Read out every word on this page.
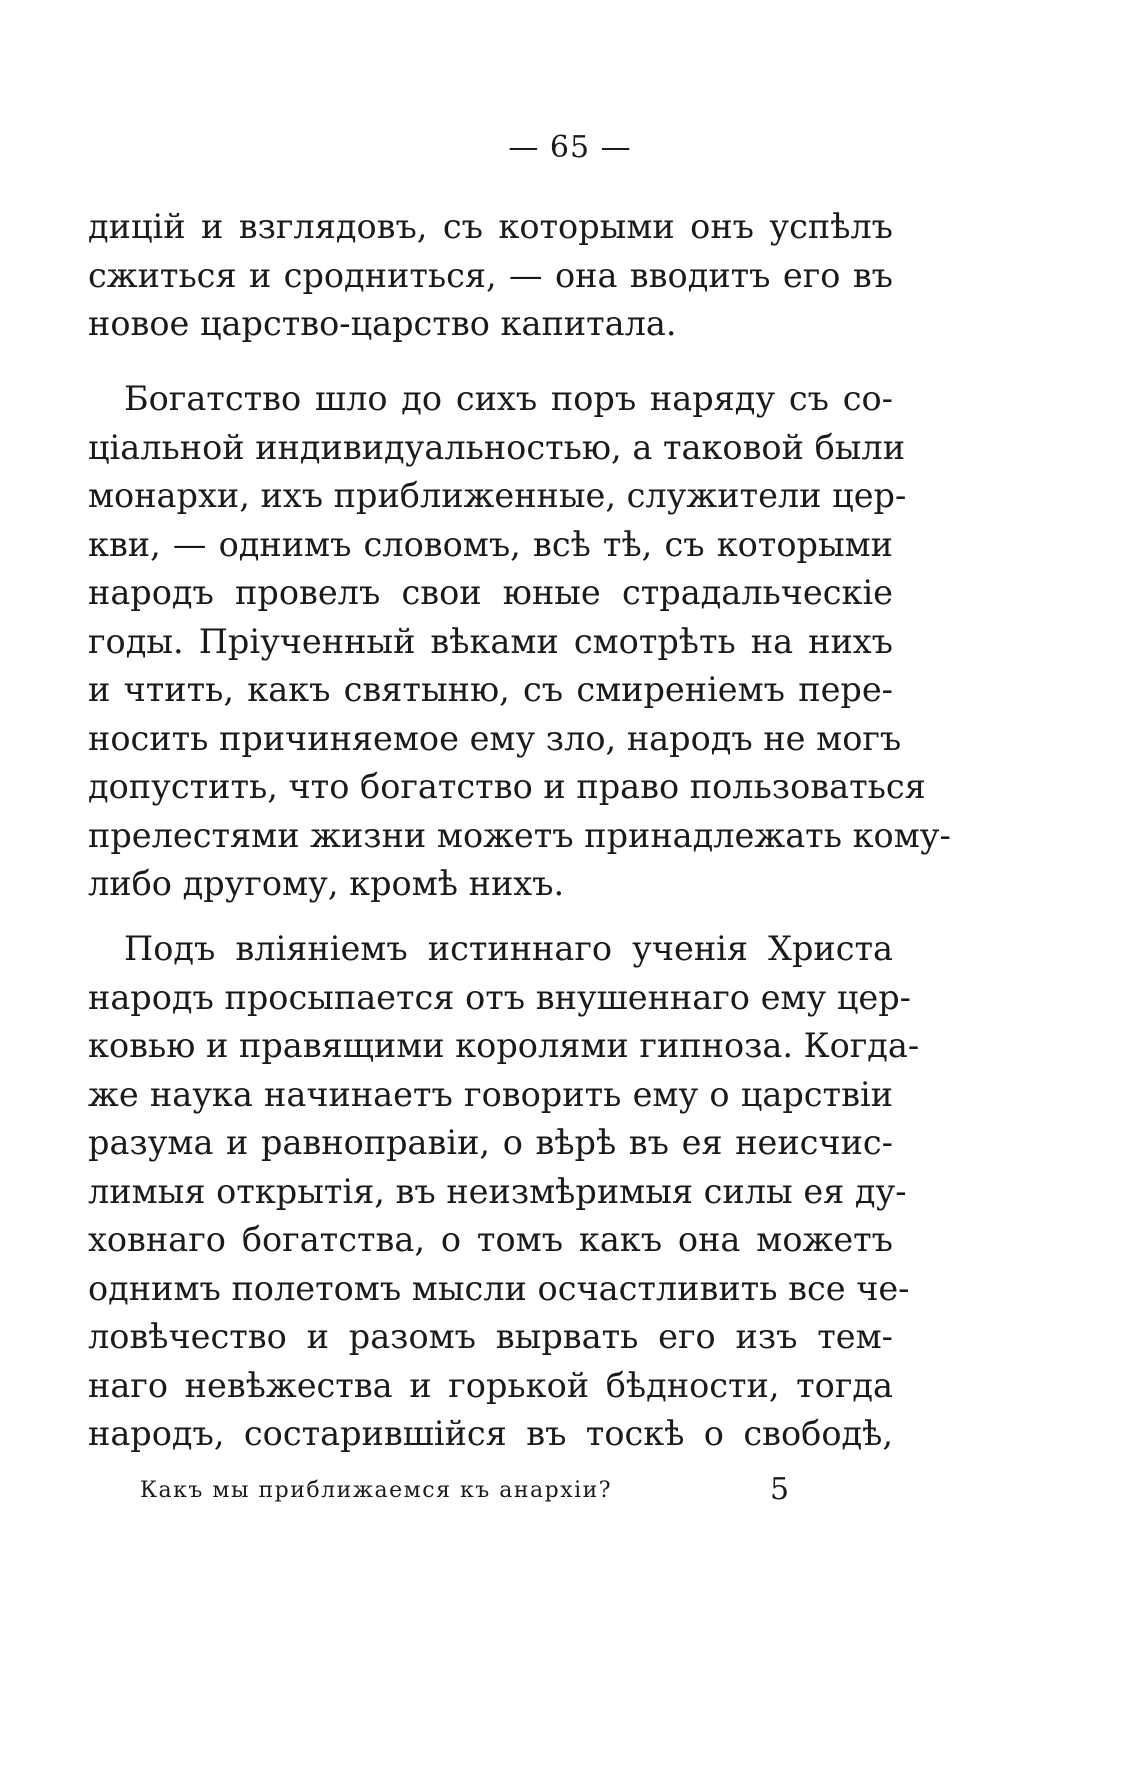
— 65 —
дицій и взглядовъ, съ которыми онъ успѣлъ
сжиться и сродниться, — она вводитъ его въ
новое царство-царство капитала.
Богатство шло до сихъ поръ наряду съ со-
ціальной индивидуальностью, а таковой были
монархи, ихъ приближенные, служители цер-
кви, — однимъ словомъ, всѣ тѣ, съ которыми
народъ провелъ свои юные страдальческіе
годы. Пріученный вѣками смотрѣть на нихъ
и чтить, какъ святыню, съ смиреніемъ пере-
носить причиняемое ему зло, народъ не могъ
допустить, что богатство и право пользоваться
прелестями жизни можетъ принадлежать кому-
либо другому, кромѣ нихъ.
Подъ вліяніемъ истиннаго ученія Христа
народъ просыпается отъ внушеннаго ему цер-
ковью и правящими королями гипноза. Когда-
же наука начинаетъ говорить ему о царствіи
разума и равноправіи, о вѣрѣ въ ея неисчис-
лимыя открытія, въ неизмѣримыя силы ея ду-
ховнаго богатства, о томъ какъ она можетъ
однимъ полетомъ мысли осчастливить все че-
ловѣчество и разомъ вырвать его изъ тем-
наго невѣжества и горькой бѣдности, тогда
народъ, состарившійся въ тоскѣ о свободѣ,
Какъ мы приближаемся къ анархіи?	5
